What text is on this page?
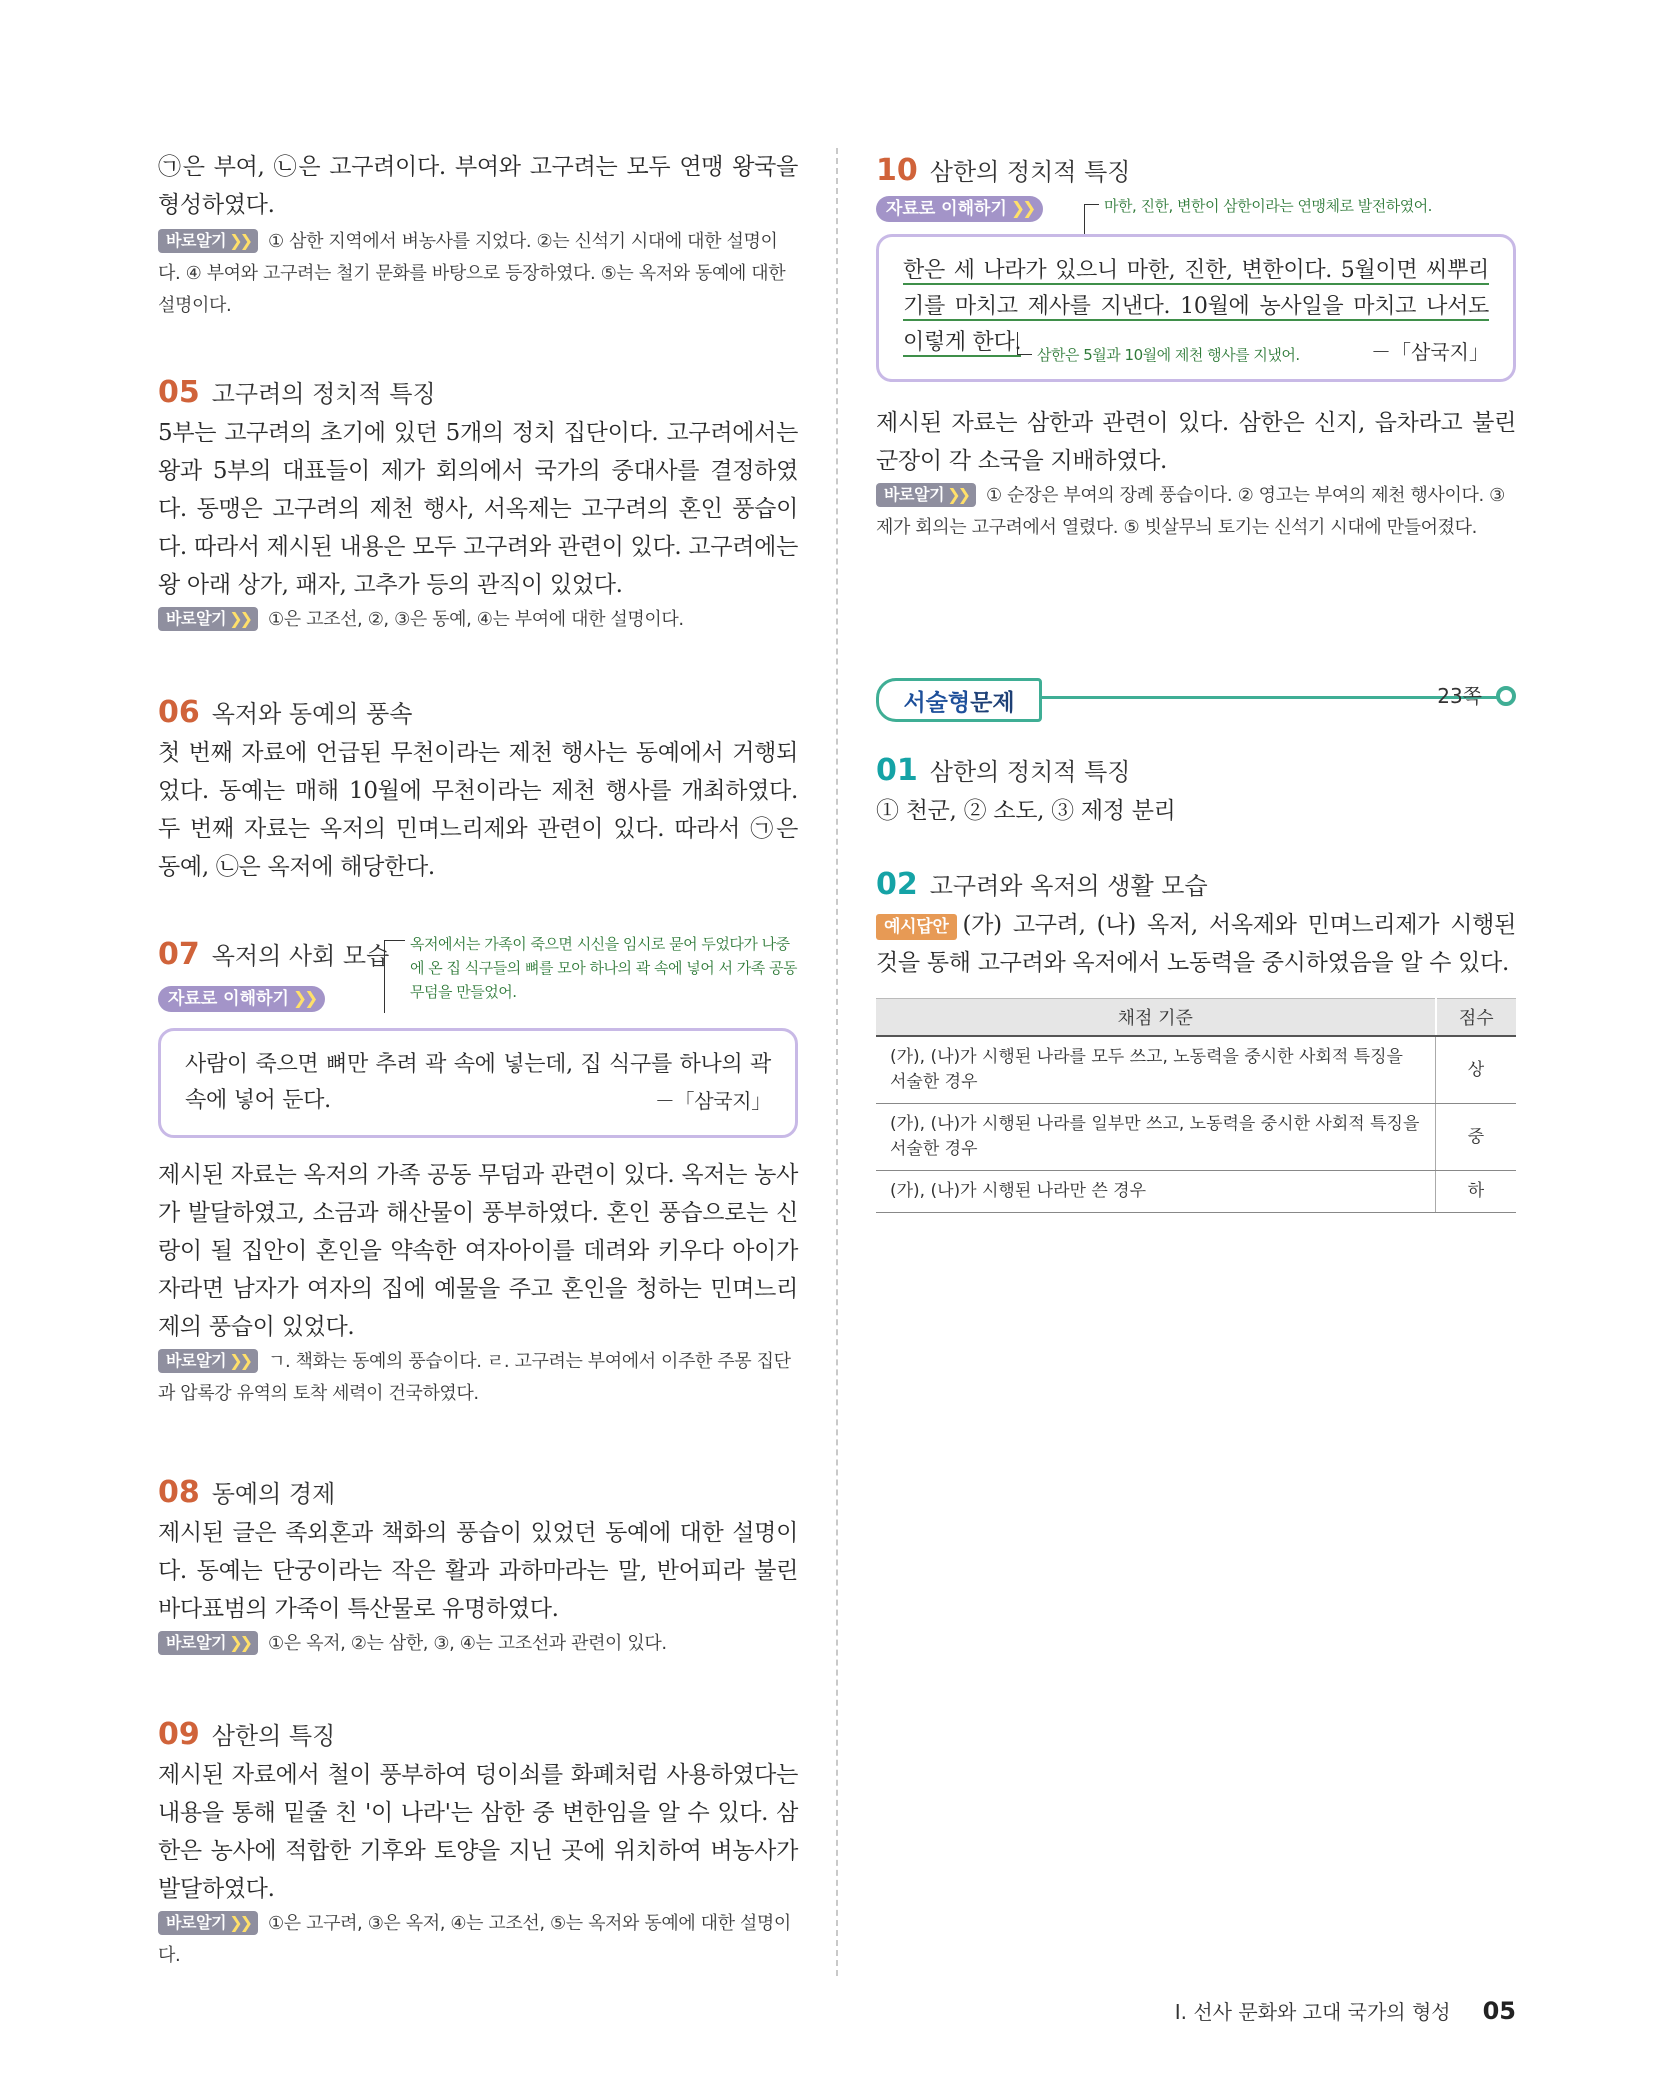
㉠은 부여, ㉡은 고구려이다. 부여와 고구려는 모두 연맹 왕국을 형성하였다.

바로알기 ❯❯ ① 삼한 지역에서 벼농사를 지었다. ②는 신석기 시대에 대한 설명이다. ④ 부여와 고구려는 철기 문화를 바탕으로 등장하였다. ⑤는 옥저와 동예에 대한 설명이다.

05 고구려의 정치적 특징

5부는 고구려의 초기에 있던 5개의 정치 집단이다. 고구려에서는 왕과 5부의 대표들이 제가 회의에서 국가의 중대사를 결정하였다. 동맹은 고구려의 제천 행사, 서옥제는 고구려의 혼인 풍습이다. 따라서 제시된 내용은 모두 고구려와 관련이 있다. 고구려에는 왕 아래 상가, 패자, 고추가 등의 관직이 있었다.

바로알기 ❯❯ ①은 고조선, ②, ③은 동예, ④는 부여에 대한 설명이다.

06 옥저와 동예의 풍속

첫 번째 자료에 언급된 무천이라는 제천 행사는 동예에서 거행되었다. 동예는 매해 10월에 무천이라는 제천 행사를 개최하였다. 두 번째 자료는 옥저의 민며느리제와 관련이 있다. 따라서 ㉠은 동예, ㉡은 옥저에 해당한다.

07 옥저의 사회 모습
자료로 이해하기 ❯❯
옥저에서는 가족이 죽으면 시신을 임시로 묻어 두었다가 나중에 온 집 식구들의 뼈를 모아 하나의 곽 속에 넣어 서 가족 공동 무덤을 만들었어.

사람이 죽으면 뼈만 추려 곽 속에 넣는데, 집 식구를 하나의 곽 속에 넣어 둔다.	－「삼국지」

제시된 자료는 옥저의 가족 공동 무덤과 관련이 있다. 옥저는 농사가 발달하였고, 소금과 해산물이 풍부하였다. 혼인 풍습으로는 신랑이 될 집안이 혼인을 약속한 여자아이를 데려와 키우다 아이가 자라면 남자가 여자의 집에 예물을 주고 혼인을 청하는 민며느리제의 풍습이 있었다.

바로알기 ❯❯ ㄱ. 책화는 동예의 풍습이다. ㄹ. 고구려는 부여에서 이주한 주몽 집단과 압록강 유역의 토착 세력이 건국하였다.

08 동예의 경제

제시된 글은 족외혼과 책화의 풍습이 있었던 동예에 대한 설명이다. 동예는 단궁이라는 작은 활과 과하마라는 말, 반어피라 불린 바다표범의 가죽이 특산물로 유명하였다.

바로알기 ❯❯ ①은 옥저, ②는 삼한, ③, ④는 고조선과 관련이 있다.

09 삼한의 특징

제시된 자료에서 철이 풍부하여 덩이쇠를 화폐처럼 사용하였다는 내용을 통해 밑줄 친 '이 나라'는 삼한 중 변한임을 알 수 있다. 삼한은 농사에 적합한 기후와 토양을 지닌 곳에 위치하여 벼농사가 발달하였다.

바로알기 ❯❯ ①은 고구려, ③은 옥저, ④는 고조선, ⑤는 옥저와 동예에 대한 설명이다.

10 삼한의 정치적 특징
자료로 이해하기 ❯❯	마한, 진한, 변한이 삼한이라는 연맹체로 발전하였어.

한은 세 나라가 있으니 마한, 진한, 변한이다. 5월이면 씨뿌리기를 마치고 제사를 지낸다. 10월에 농사일을 마치고 나서도 이렇게 한다.	삼한은 5월과 10월에 제천 행사를 지냈어.	－「삼국지」

제시된 자료는 삼한과 관련이 있다. 삼한은 신지, 읍차라고 불린 군장이 각 소국을 지배하였다.

바로알기 ❯❯ ① 순장은 부여의 장례 풍습이다. ② 영고는 부여의 제천 행사이다. ③ 제가 회의는 고구려에서 열렸다. ⑤ 빗살무늬 토기는 신석기 시대에 만들어졌다.

서술형 문제	23쪽
01 삼한의 정치적 특징

① 천군, ② 소도, ③ 제정 분리

02 고구려와 옥저의 생활 모습

예시답안 (가) 고구려, (나) 옥저, 서옥제와 민며느리제가 시행된 것을 통해 고구려와 옥저에서 노동력을 중시하였음을 알 수 있다.

채점 기준	점수
(가), (나)가 시행된 나라를 모두 쓰고, 노동력을 중시한 사회적 특징을 서술한 경우	상
(가), (나)가 시행된 나라를 일부만 쓰고, 노동력을 중시한 사회적 특징을 서술한 경우	중
(가), (나)가 시행된 나라만 쓴 경우	하
Ⅰ. 선사 문화와 고대 국가의 형성 05
